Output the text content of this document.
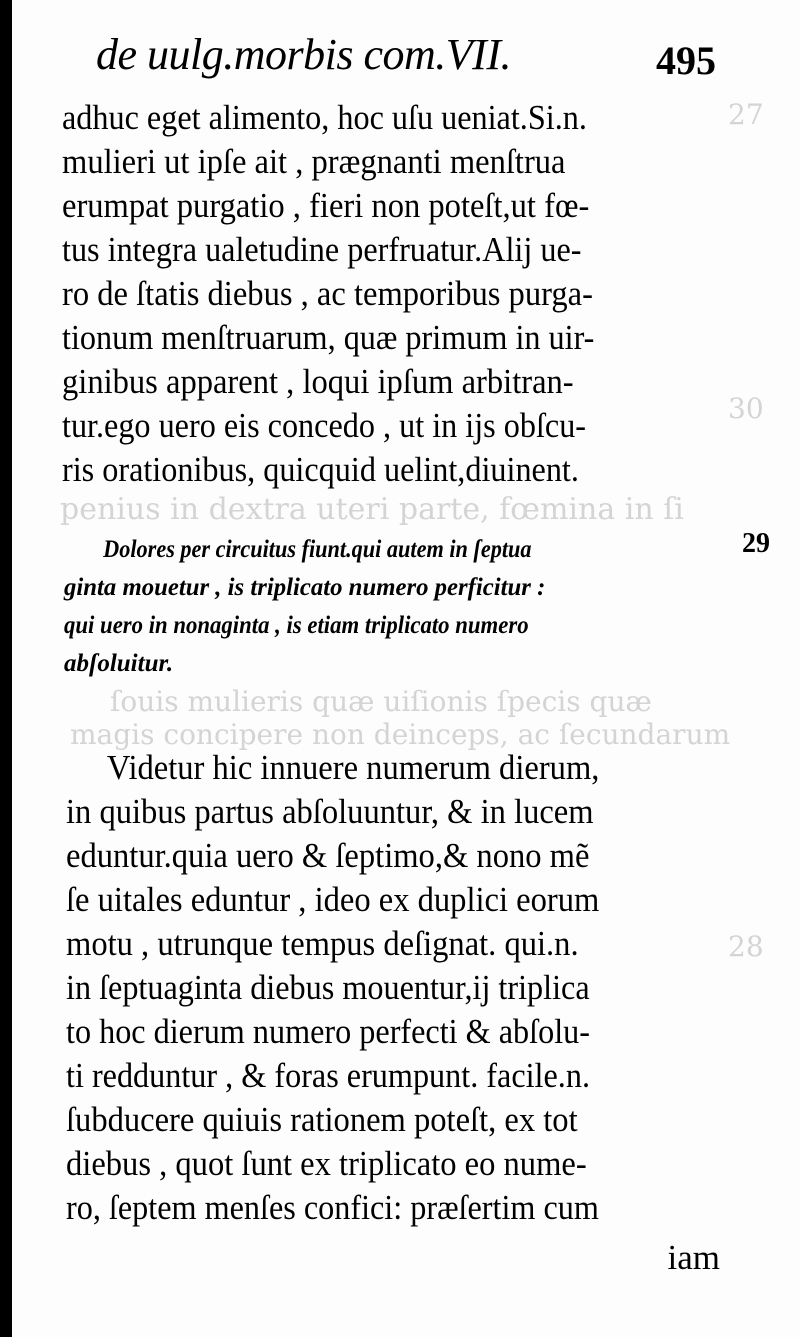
penius in dextra uteri parte, fœmina in ſi
ſouis mulieris quæ uiſionis ſpecis quæ
magis concipere non deinceps, ac ſecundarum
27
30
28
de uulg.morbis com.VII.	495
adhuc eget alimento, hoc uſu ueniat.Si.n.
mulieri ut ipſe ait , prægnanti menſtrua
erumpat purgatio , fieri non poteſt,ut fœ-
tus integra ualetudine perfruatur.Alij ue-
ro de ſtatis diebus , ac temporibus purga-
tionum menſtruarum, quæ primum in uir-
ginibus apparent , loqui ipſum arbitran-
tur.ego uero eis concedo , ut in ijs obſcu-
ris orationibus, quicquid uelint,diuinent.
Dolores per circuitus fiunt.qui autem in ſeptua
ginta mouetur , is triplicato numero perficitur :
qui uero in nonaginta , is etiam triplicato numero
abſoluitur.
29
Videtur hic innuere numerum dierum,
in quibus partus abſoluuntur, & in lucem
eduntur.quia uero & ſeptimo,& nono mẽ
ſe uitales eduntur , ideo ex duplici eorum
motu , utrunque tempus deſignat. qui.n.
in ſeptuaginta diebus mouentur,ij triplica
to hoc dierum numero perfecti & abſolu-
ti redduntur , & foras erumpunt. facile.n.
ſubducere quiuis rationem poteſt, ex tot
diebus , quot ſunt ex triplicato eo nume-
ro, ſeptem menſes confici: præſertim cum
iam
